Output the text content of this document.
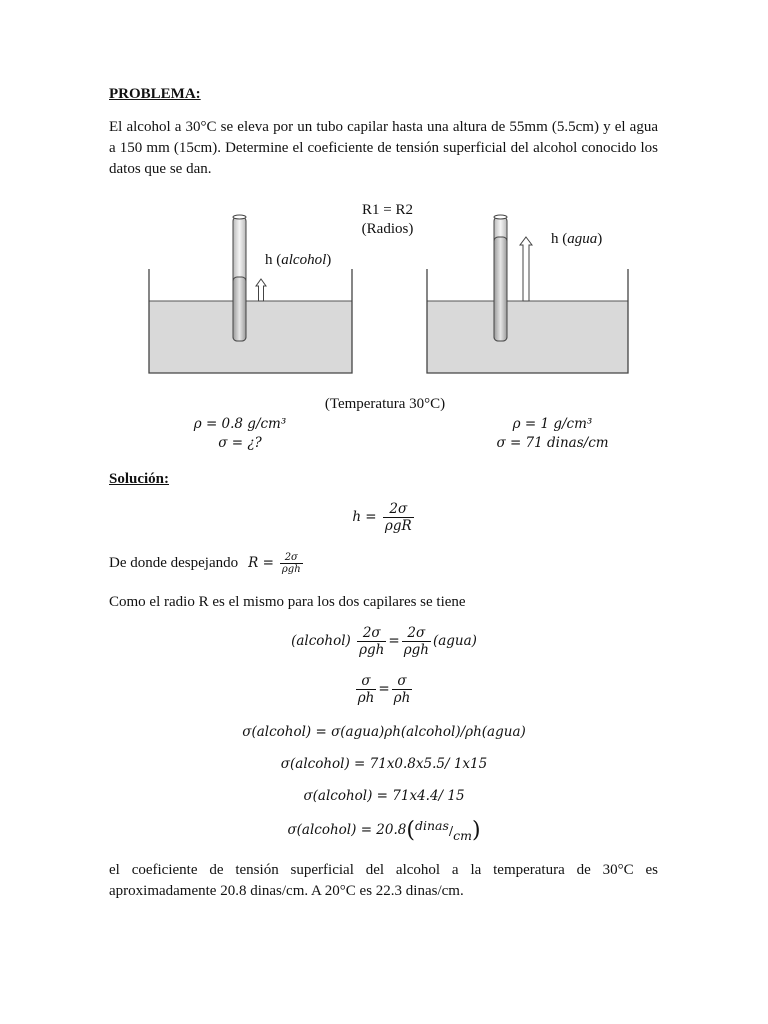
PROBLEMA:
El alcohol a 30°C se eleva por un tubo capilar hasta una altura de 55mm (5.5cm) y el agua a 150 mm (15cm). Determine el coeficiente de tensión superficial del alcohol conocido los datos que se dan.
R1 = R2
(Radios)
h (alcohol)
h (agua)
(Temperatura 30°C)
ρ = 0.8 g/cm³
σ = ¿?
ρ = 1 g/cm³
σ = 71 dinas/cm
Solución:
$h = \frac{2\sigma}{\text{ρgR}}$
De donde despejando $R = \frac{2\sigma}{\text{ρgh}}$
Como el radio R es el mismo para los dos capilares se tiene
(alcohol) $\frac{2\sigma}{\text{ρgh}} = \frac{2\sigma}{\text{ρgh}}$ (agua)
$\frac{\sigma}{\rho h} = \frac{\sigma}{\rho h}$
σ(alcohol) = σ(agua)ρh(alcohol)/ρh(agua)
σ(alcohol) = 71x0.8x5.5/ 1x15
σ(alcohol) = 71x4.4/ 15
σ(alcohol) = 20.8(dinas/cm)
el coeficiente de tensión superficial del alcohol a la temperatura de 30°C es aproximadamente 20.8 dinas/cm. A 20°C es 22.3 dinas/cm.
